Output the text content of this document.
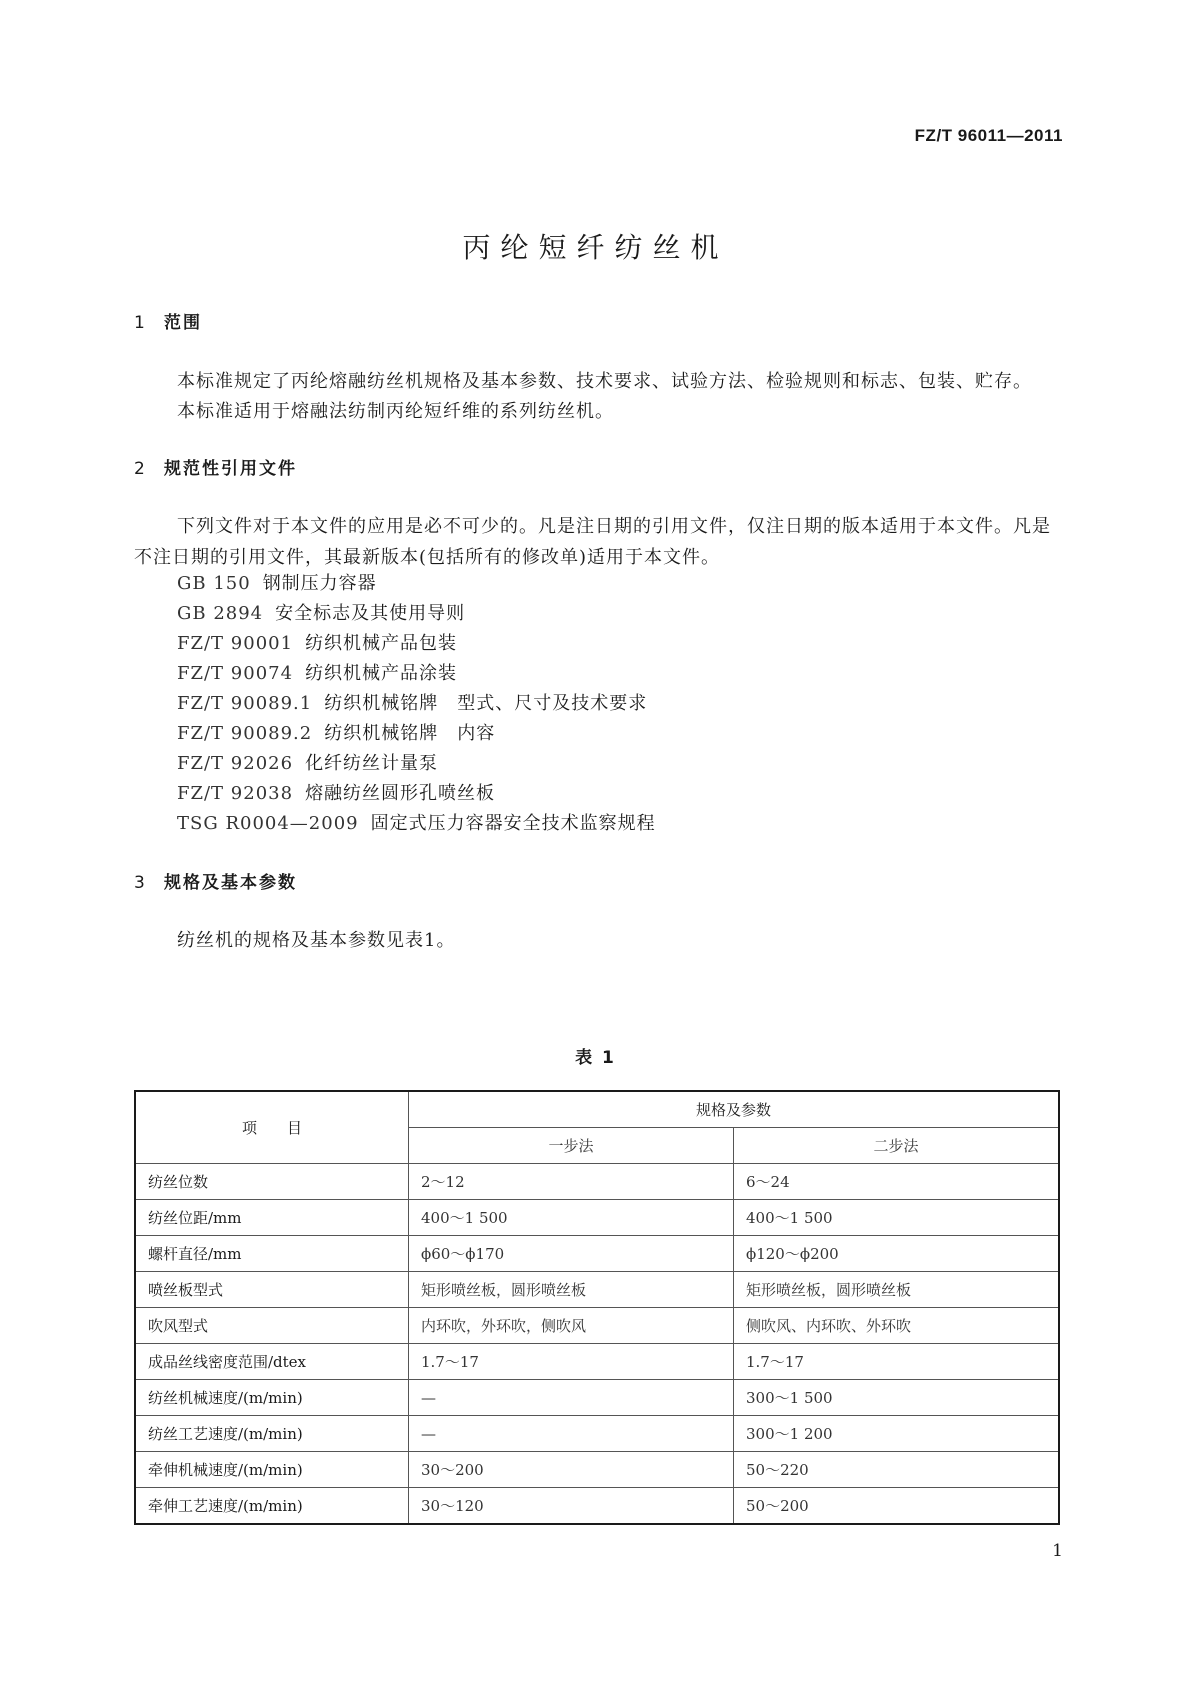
FZ/T 96011—2011

丙纶短纤纺丝机
1 范围

本标准规定了丙纶熔融纺丝机规格及基本参数、技术要求、试验方法、检验规则和标志、包装、贮存。

本标准适用于熔融法纺制丙纶短纤维的系列纺丝机。

2 规范性引用文件

下列文件对于本文件的应用是必不可少的。凡是注日期的引用文件，仅注日期的版本适用于本文件。凡是不注日期的引用文件，其最新版本(包括所有的修改单)适用于本文件。

GB 150 钢制压力容器

GB 2894 安全标志及其使用导则

FZ/T 90001 纺织机械产品包装

FZ/T 90074 纺织机械产品涂装

FZ/T 90089.1 纺织机械铭牌　型式、尺寸及技术要求

FZ/T 90089.2 纺织机械铭牌　内容

FZ/T 92026 化纤纺丝计量泵

FZ/T 92038 熔融纺丝圆形孔喷丝板

TSG R0004—2009 固定式压力容器安全技术监察规程

3 规格及基本参数

纺丝机的规格及基本参数见表1。

表 1

项　　目	规格及参数	
	一步法	二步法
纺丝位数	2～12	6～24
纺丝位距/mm	400～1 500	400～1 500
螺杆直径/mm	ϕ60～ϕ170	ϕ120～ϕ200
喷丝板型式	矩形喷丝板，圆形喷丝板	矩形喷丝板，圆形喷丝板
吹风型式	内环吹，外环吹，侧吹风	侧吹风、内环吹、外环吹
成品丝线密度范围/dtex	1.7～17	1.7～17
纺丝机械速度/(m/min)	—	300～1 500
纺丝工艺速度/(m/min)	—	300～1 200
牵伸机械速度/(m/min)	30～200	50～220
牵伸工艺速度/(m/min)	30～120	50～200

1
